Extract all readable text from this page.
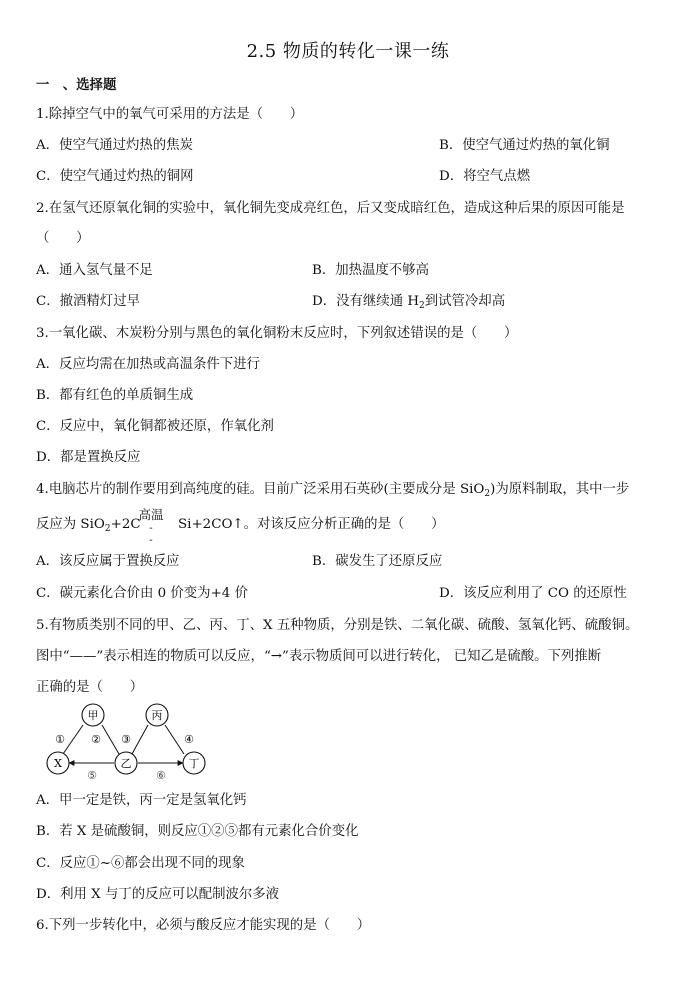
2.5 物质的转化一课一练
一　、选择题
1.除掉空气中的氧气可采用的方法是（　　）
A．使空气通过灼热的焦炭	B．使空气通过灼热的氧化铜
C．使空气通过灼热的铜网	D．将空气点燃
2.在氢气还原氧化铜的实验中，氧化铜先变成亮红色，后又变成暗红色，造成这种后果的原因可能是
（　　）
A．通入氢气量不足	B．加热温度不够高
C．撤酒精灯过早	D．没有继续通 $H_2$到试管冷却高
3.一氧化碳、木炭粉分别与黑色的氧化铜粉末反应时，下列叙述错误的是（　　）
A．反应均需在加热或高温条件下进行
B．都有红色的单质铜生成
C．反应中，氧化铜都被还原，作氧化剂
D．都是置换反应
4.电脑芯片的制作要用到高纯度的硅。目前广泛采用石英砂(主要成分是 SiO$_2$)为原料制取，其中一步
反应为 SiO$_2$+2C
高温
-
-
Si+2CO↑。对该反应分析正确的是（　　）
A．该反应属于置换反应	B．碳发生了还原反应
C．碳元素化合价由 0 价变为+4 价	D．该反应利用了 CO 的还原性
5.有物质类别不同的甲、乙、丙、丁、X 五种物质，分别是铁、二氧化碳、硫酸、氢氧化钙、硫酸铜。
图中“——”表示相连的物质可以反应，“→”表示物质间可以进行转化， 已知乙是硫酸。下列推断
正确的是（　　）
甲	丙
X	乙	丁
① ② ③	④
⑤	⑥
A．甲一定是铁，丙一定是氢氧化钙
B．若 X 是硫酸铜，则反应①②⑤都有元素化合价变化
C．反应①~⑥都会出现不同的现象
D．利用 X 与丁的反应可以配制波尔多液
6.下列一步转化中，必须与酸反应才能实现的是（　　）
